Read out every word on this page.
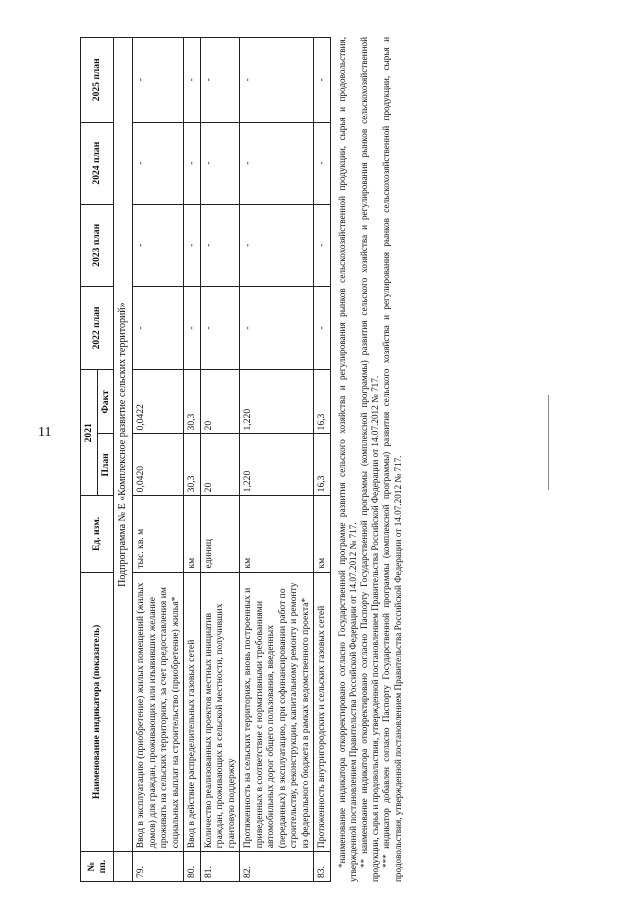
11
№ пп.	Наименование индикатора (показатель)	Ед. изм.	2021		2022 план	2023 план	2024 план	2025 план
			План	Факт				
	Подпрограмма № Е «Комплексное развитие сельских территорий»							
79.	Ввод в эксплуатацию (приобретение) жилых помещений (жилых домов) для граждан, проживающих или изъявивших желание проживать на сельских территориях, за счет предоставления им социальных выплат на строительство (приобретение) жилья*	тыс. кв. м	0,0420	0,0422	-	-	-	-
80.	Ввод в действие распределительных газовых сетей	км	30,3	30,3	-	-	-	-
81.	Количество реализованных проектов местных инициатив граждан, проживающих в сельской местности, получивших грантовую поддержку	единиц	20	20	-	-	-	-
82.	Протяженность на сельских территориях, вновь построенных и приведенных в соответствие с нормативными требованиями автомобильных дорог общего пользования, введенных (переданных) в эксплуатацию, при софинансировании работ по строительству, реконструкции, капитальному ремонту и ремонту из федерального бюджета в рамках ведомственного проекта*	км	1,220	1,220	-	-	-	-
83.	Протяженность внутригородских и сельских газовых сетей	км	16,3	16,3	-	-	-	- *наименование индикатора откорректировано согласно Государственной программе развития сельского хозяйства и регулирования рынков сельскохозяйственной продукции, сырья и продовольствия, утвержденной постановлением Правительства Российской Федерации от 14.07.2012 № 717. ** наименование индикатора откорректировано согласно Паспорту Государственной программы (комплексной программы) развития сельского хозяйства и регулирования рынков сельскохозяйственной продукции, сырья и продовольствия, утвержденной постановлением Правительства Российской Федерации от 14.07.2012 № 717. *** индикатор добавлен согласно Паспорту Государственной программы (комплексной программы) развития сельского хозяйства и регулирования рынков сельскохозяйственной продукции, сырья и продовольствия, утвержденной постановлением Правительства Российской Федерации от 14.07.2012 № 717.
